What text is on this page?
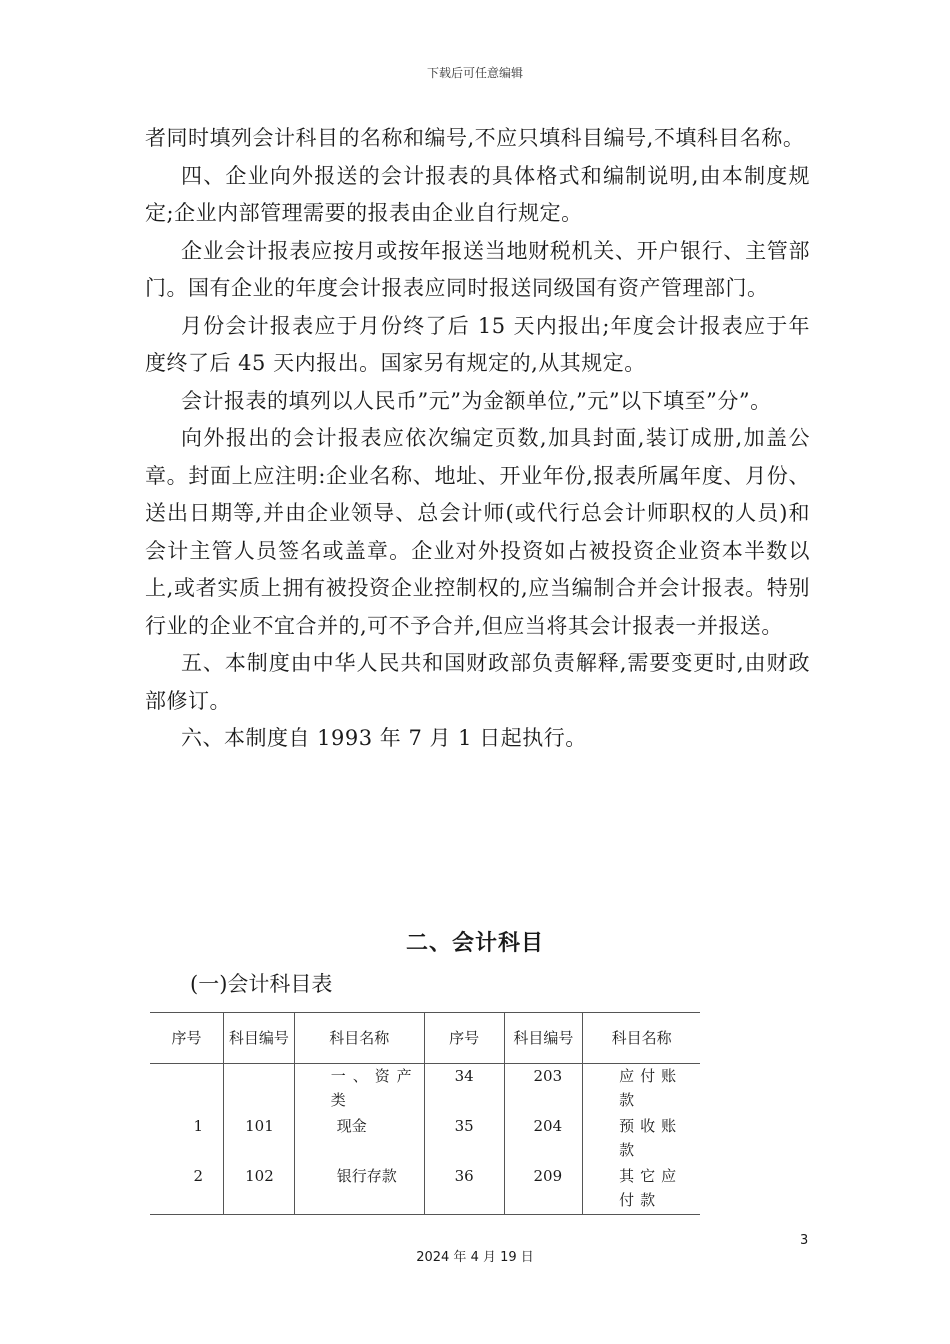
下载后可任意编辑

者同时填列会计科目的名称和编号,不应只填科目编号,不填科目名称。

四、企业向外报送的会计报表的具体格式和编制说明,由本制度规定;企业内部管理需要的报表由企业自行规定。

企业会计报表应按月或按年报送当地财税机关、开户银行、主管部门。国有企业的年度会计报表应同时报送同级国有资产管理部门。

月份会计报表应于月份终了后 15 天内报出;年度会计报表应于年度终了后 45 天内报出。国家另有规定的,从其规定。

会计报表的填列以人民币”元”为金额单位,”元”以下填至”分”。

向外报出的会计报表应依次编定页数,加具封面,装订成册,加盖公章。封面上应注明:企业名称、地址、开业年份,报表所属年度、月份、送出日期等,并由企业领导、总会计师(或代行总会计师职权的人员)和会计主管人员签名或盖章。企业对外投资如占被投资企业资本半数以上,或者实质上拥有被投资企业控制权的,应当编制合并会计报表。特别行业的企业不宜合并的,可不予合并,但应当将其会计报表一并报送。

五、本制度由中华人民共和国财政部负责解释,需要变更时,由财政部修订。

六、本制度自 1993 年 7 月 1 日起执行。

二、会计科目
(一)会计科目表
序号	科目编号	科目名称	序号	科目编号	科目名称

		一、资产类	34	203	应付账款

1	101	现金	35	204	预收账款

2	102	银行存款	36	209	其它应付款
3
2024 年 4 月 19 日
